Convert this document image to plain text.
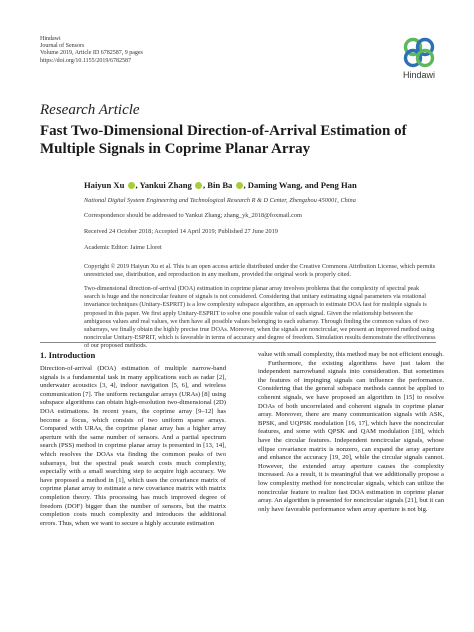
Hindawi
Journal of Sensors
Volume 2019, Article ID 6782587, 9 pages
https://doi.org/10.1155/2019/6782587
Hindawi
Research Article
Fast Two-Dimensional Direction-of-Arrival Estimation of Multiple Signals in Coprime Planar Array
Haiyun Xu , Yankui Zhang , Bin Ba , Daming Wang, and Peng Han
National Digital System Engineering and Technological Research R & D Center, Zhengzhou 450001, China
Correspondence should be addressed to Yankui Zhang; zhang_yk_2018@foxmail.com
Received 24 October 2018; Accepted 14 April 2019; Published 27 June 2019
Academic Editor: Jaime Lloret
Copyright © 2019 Haiyun Xu et al. This is an open access article distributed under the Creative Commons Attribution License, which permits unrestricted use, distribution, and reproduction in any medium, provided the original work is properly cited.
Two-dimensional direction-of-arrival (DOA) estimation in coprime planar array involves problems that the complexity of spectral peak search is huge and the noncircular feature of signals is not considered. Considering that unitary estimating signal parameters via rotational invariance techniques (Unitary-ESPRIT) is a low complexity subspace algorithm, an approach to estimate DOA fast for multiple signals is proposed in this paper. We first apply Unitary-ESPRIT to solve one possible value of each signal. Given the relationship between the ambiguous values and real values, we then have all possible values belonging to each subarray. Through finding the common values of two subarrays, we finally obtain the highly precise true DOAs. Moreover, when the signals are noncircular, we present an improved method using noncircular Unitary-ESPRIT, which is favorable in terms of accuracy and degree of freedom. Simulation results demonstrate the effectiveness of our proposed methods.
1. Introduction

Direction-of-arrival (DOA) estimation of multiple narrow-band signals is a fundamental task in many applications such as radar [2], underwater acoustics [3, 4], indoor navigation [5, 6], and wireless communication [7]. The uniform rectangular arrays (URAs) [8] using subspace algorithms can obtain high-resolution two-dimensional (2D) DOA estimations. In recent years, the coprime array [9–12] has become a focus, which consists of two uniform sparse arrays. Compared with URAs, the coprime planar array has a higher array aperture with the same number of sensors. And a partial spectrum search (PSS) method in coprime planar array is presented in [13, 14], which resolves the DOAs via finding the common peaks of two subarrays, but the spectral peak search costs much complexity, especially with a small searching step to acquire high accuracy. We have proposed a method in [1], which uses the covariance matrix of coprime planar array to estimate a new covariance matrix with matrix completion theory. This processing has much improved degree of freedom (DOF) bigger than the number of sensors, but the matrix completion costs much complexity and introduces the additional errors. Thus, when we want to secure a highly accurate estimation

value with small complexity, this method may be not efficient enough.

Furthermore, the existing algorithms have just taken the independent narrowband signals into consideration. But sometimes the features of impinging signals can influence the performance. Considering that the general subspace methods cannot be applied to coherent signals, we have proposed an algorithm in [15] to resolve DOAs of both uncorrelated and coherent signals in coprime planar array. Moreover, there are many communication signals with ASK, BPSK, and UQPSK modulation [16, 17], which have the noncircular features, and some with QPSK and QAM modulation [18], which have the circular features. Independent noncircular signals, whose ellipse covariance matrix is nonzero, can expand the array aperture and enhance the accuracy [19, 20], while the circular signals cannot. However, the extended array aperture causes the complexity increased. As a result, it is meaningful that we additionally propose a low complexity method for noncircular signals, which can utilize the noncircular feature to realize fast DOA estimation in coprime planar array. An algorithm is presented for noncircular signals [21], but it can only have favorable performance when array aperture is not big.
